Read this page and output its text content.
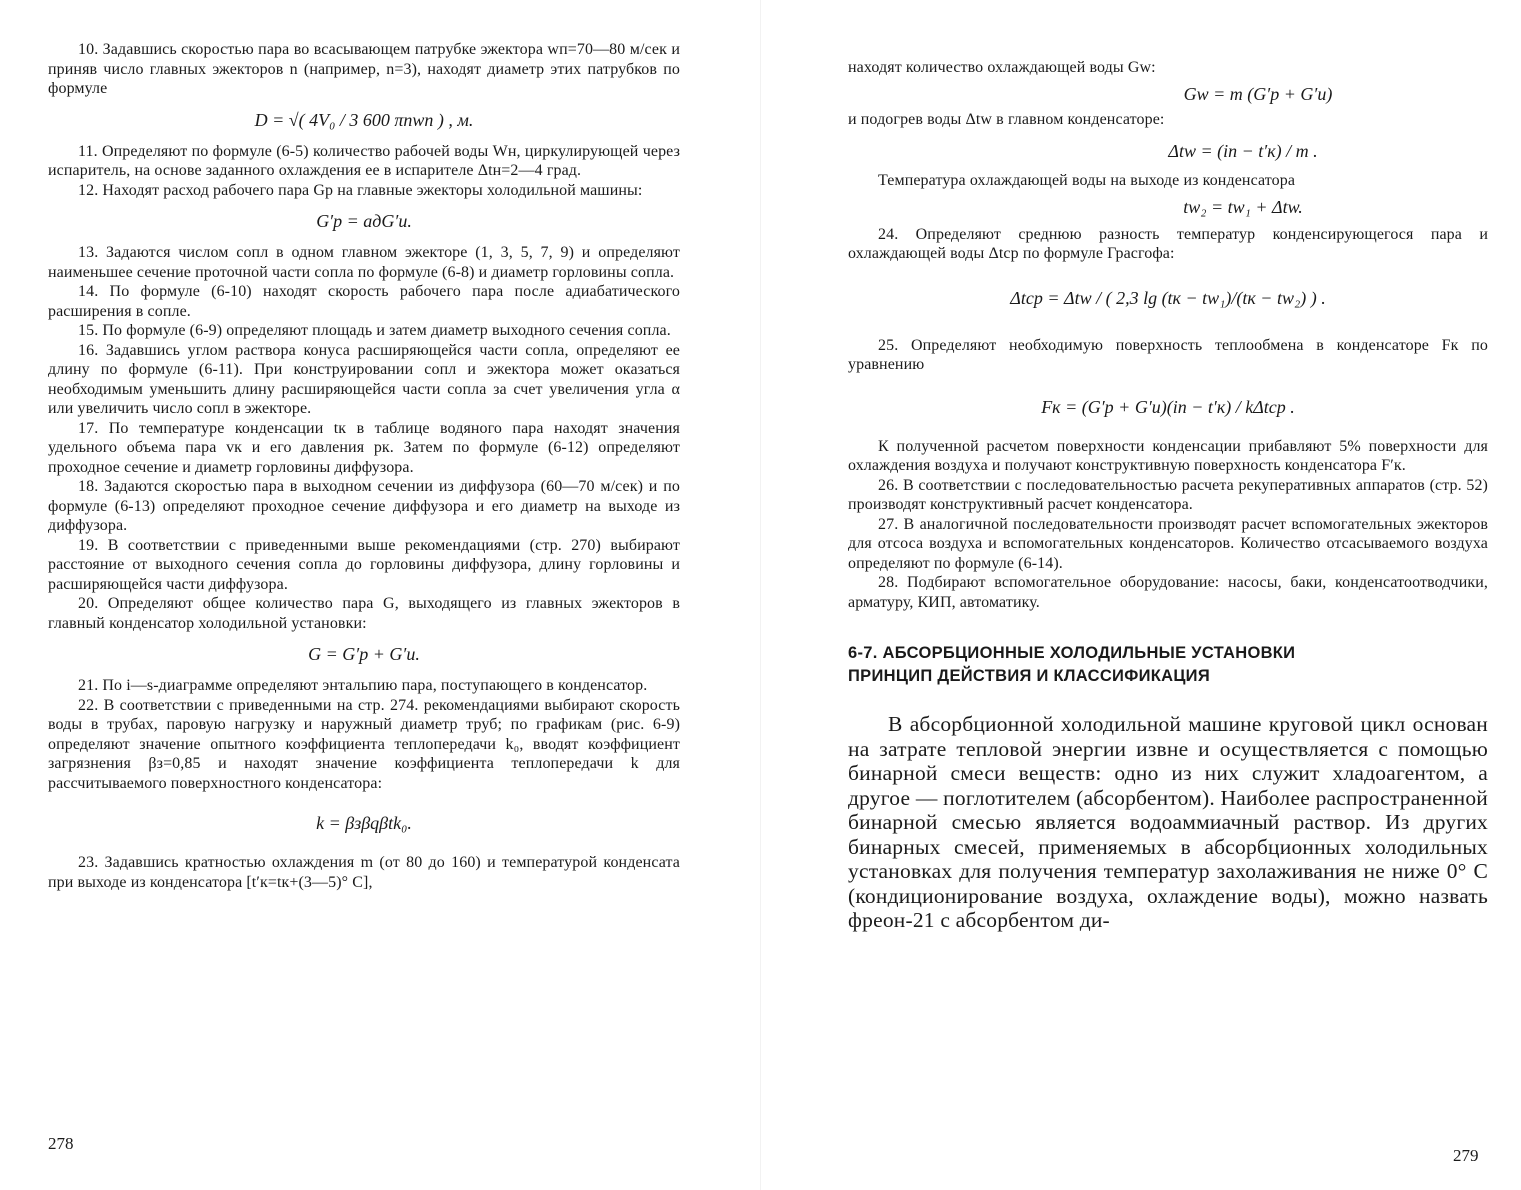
10. Задавшись скоростью пара во всасывающем патрубке эжектора wп=70—80 м/сек и приняв число главных эжекторов n (например, n=3), находят диаметр этих патрубков по формуле

D = √( 4V₀ / 3 600 πnwп ) , м.

11. Определяют по формуле (6-5) количество рабочей воды Wн, циркулирующей через испаритель, на основе заданного охлаждения ее в испарителе Δtн=2—4 град.

12. Находят расход рабочего пара Gр на главные эжекторы холодильной машины:

G′р = aдG′и.

13. Задаются числом сопл в одном главном эжекторе (1, 3, 5, 7, 9) и определяют наименьшее сечение проточной части сопла по формуле (6-8) и диаметр горловины сопла.

14. По формуле (6-10) находят скорость рабочего пара после адиабатического расширения в сопле.

15. По формуле (6-9) определяют площадь и затем диаметр выходного сечения сопла.

16. Задавшись углом раствора конуса расширяющейся части сопла, определяют ее длину по формуле (6-11). При конструировании сопл и эжектора может оказаться необходимым уменьшить длину расширяющейся части сопла за счет увеличения угла α или увеличить число сопл в эжекторе.

17. По температуре конденсации tк в таблице водяного пара находят значения удельного объема пара vк и его давления pк. Затем по формуле (6-12) определяют проходное сечение и диаметр горловины диффузора.

18. Задаются скоростью пара в выходном сечении из диффузора (60—70 м/сек) и по формуле (6-13) определяют проходное сечение диффузора и его диаметр на выходе из диффузора.

19. В соответствии с приведенными выше рекомендациями (стр. 270) выбирают расстояние от выходного сечения сопла до горловины диффузора, длину горловины и расширяющейся части диффузора.

20. Определяют общее количество пара G, выходящего из главных эжекторов в главный конденсатор холодильной установки:

G = G′р + G′и.

21. По i—s-диаграмме определяют энтальпию пара, поступающего в конденсатор.

22. В соответствии с приведенными на стр. 274. рекомендациями выбирают скорость воды в трубах, паровую нагрузку и наружный диаметр труб; по графикам (рис. 6-9) определяют значение опытного коэффициента теплопередачи k₀, вводят коэффициент загрязнения βз=0,85 и находят значение коэффициента теплопередачи k для рассчитываемого поверхностного конденсатора:

k = βзβqβtk₀.

23. Задавшись кратностью охлаждения m (от 80 до 160) и температурой конденсата при выходе из конденсатора [t′к=tк+(3—5)° С],

278

находят количество охлаждающей воды Gw:

Gw = m (G′р + G′и)

и подогрев воды Δtw в главном конденсаторе:

Δtw = (iп − t′к) / m .

Температура охлаждающей воды на выходе из конденсатора

tw₂ = tw₁ + Δtw.

24. Определяют среднюю разность температур конденсирующегося пара и охлаждающей воды Δtср по формуле Грасгофа:

Δtср = Δtw / ( 2,3 lg (tк − tw₁)/(tк − tw₂) ) .

25. Определяют необходимую поверхность теплообмена в конденсаторе Fк по уравнению

Fк = (G′р + G′и)(iп − t′к) / kΔtср .

К полученной расчетом поверхности конденсации прибавляют 5% поверхности для охлаждения воздуха и получают конструктивную поверхность конденсатора F′к.

26. В соответствии с последовательностью расчета рекуперативных аппаратов (стр. 52) производят конструктивный расчет конденсатора.

27. В аналогичной последовательности производят расчет вспомогательных эжекторов для отсоса воздуха и вспомогательных конденсаторов. Количество отсасываемого воздуха определяют по формуле (6-14).

28. Подбирают вспомогательное оборудование: насосы, баки, конденсатоотводчики, арматуру, КИП, автоматику.

6-7. АБСОРБЦИОННЫЕ ХОЛОДИЛЬНЫЕ УСТАНОВКИ
ПРИНЦИП ДЕЙСТВИЯ И КЛАССИФИКАЦИЯ

В абсорбционной холодильной машине круговой цикл основан на затрате тепловой энергии извне и осуществляется с помощью бинарной смеси веществ: одно из них служит хладоагентом, а другое — поглотителем (абсорбентом). Наиболее распространенной бинарной смесью является водоаммиачный раствор. Из других бинарных смесей, применяемых в абсорбционных холодильных установках для получения температур захолаживания не ниже 0° С (кондиционирование воздуха, охлаждение воды), можно назвать фреон-21 с абсорбентом ди-

279
